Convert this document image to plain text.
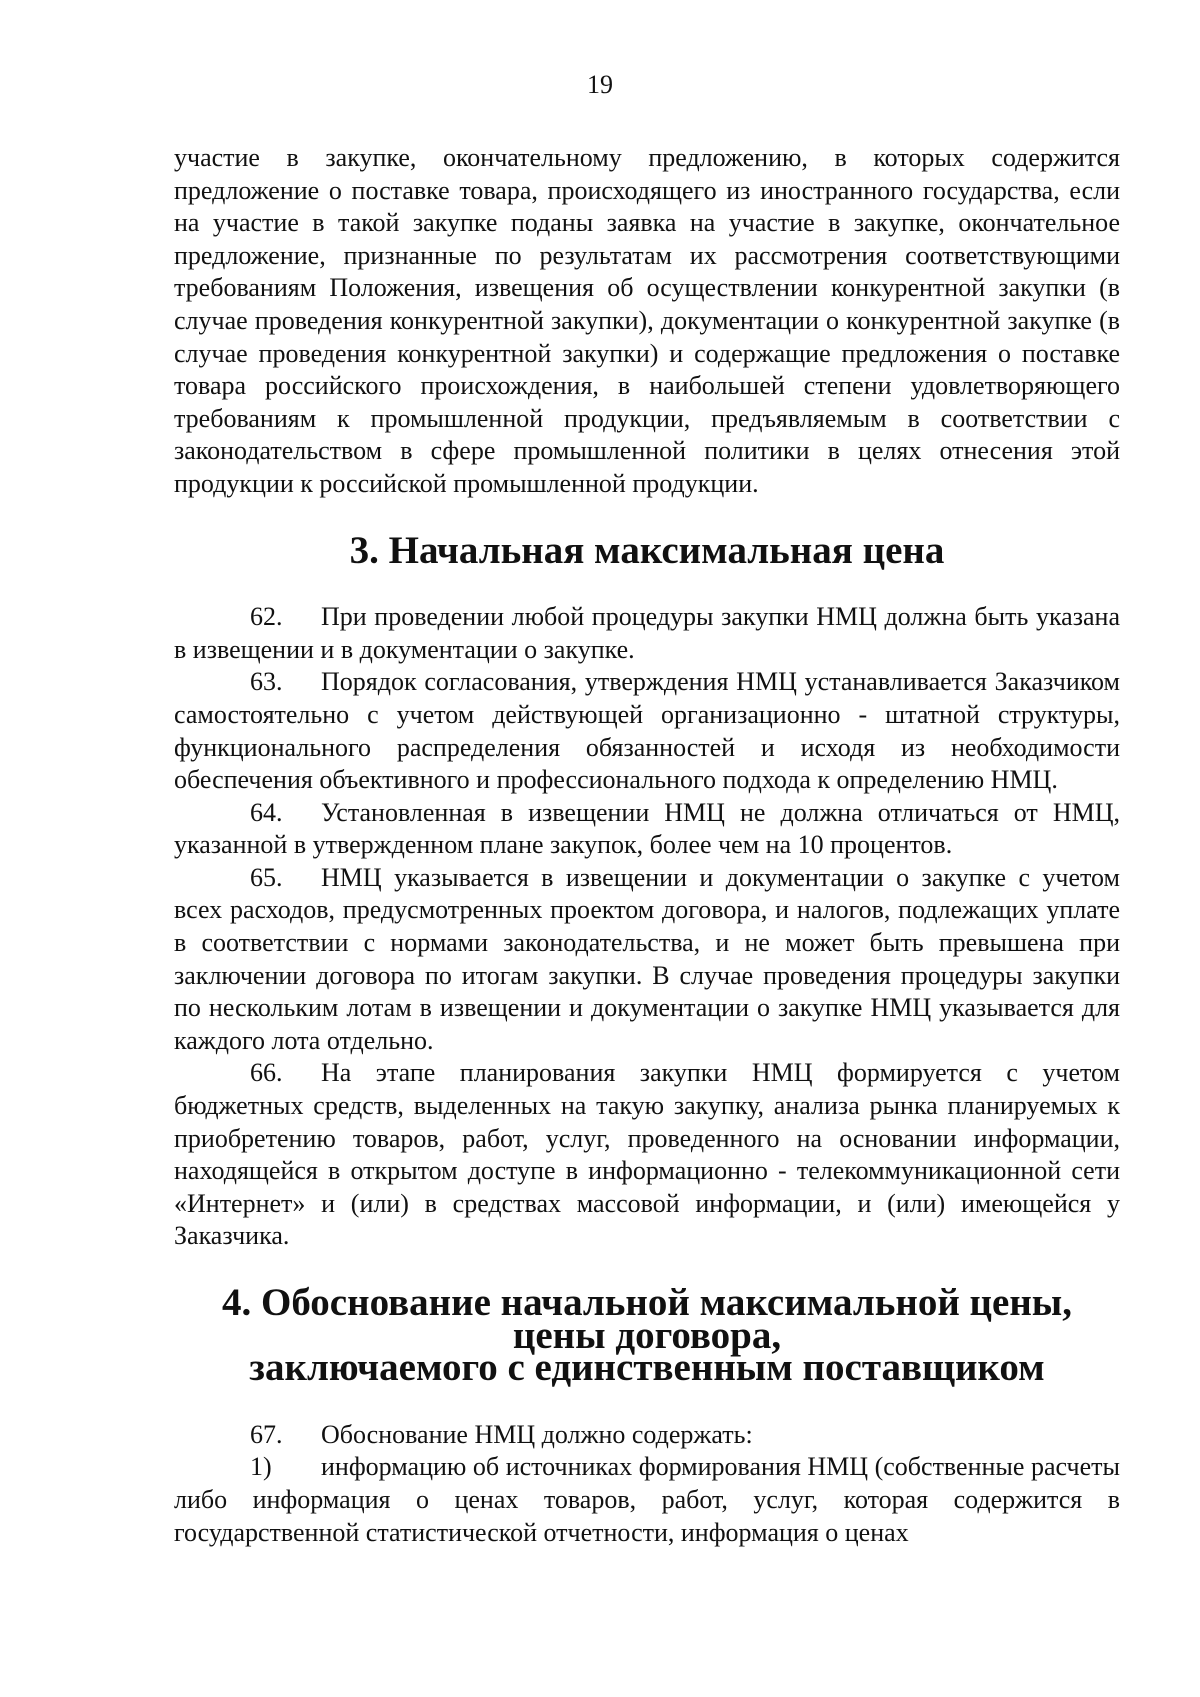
19

участие в закупке, окончательному предложению, в которых содержится предложение о поставке товара, происходящего из иностранного государства, если на участие в такой закупке поданы заявка на участие в закупке, окончательное предложение, признанные по результатам их рассмотрения соответствующими требованиям Положения, извещения об осуществлении конкурентной закупки (в случае проведения конкурентной закупки), документации о конкурентной закупке (в случае проведения конкурентной закупки) и содержащие предложения о поставке товара российского происхождения, в наибольшей степени удовлетворяющего требованиям к промышленной продукции, предъявляемым в соответствии с законодательством в сфере промышленной политики в целях отнесения этой продукции к российской промышленной продукции.

3. Начальная максимальная цена

62. При проведении любой процедуры закупки НМЦ должна быть указана в извещении и в документации о закупке.

63. Порядок согласования, утверждения НМЦ устанавливается Заказчиком самостоятельно с учетом действующей организационно - штатной структуры, функционального распределения обязанностей и исходя из необходимости обеспечения объективного и профессионального подхода к определению НМЦ.

64. Установленная в извещении НМЦ не должна отличаться от НМЦ, указанной в утвержденном плане закупок, более чем на 10 процентов.

65. НМЦ указывается в извещении и документации о закупке с учетом всех расходов, предусмотренных проектом договора, и налогов, подлежащих уплате в соответствии с нормами законодательства, и не может быть превышена при заключении договора по итогам закупки. В случае проведения процедуры закупки по нескольким лотам в извещении и документации о закупке НМЦ указывается для каждого лота отдельно.

66. На этапе планирования закупки НМЦ формируется с учетом бюджетных средств, выделенных на такую закупку, анализа рынка планируемых к приобретению товаров, работ, услуг, проведенного на основании информации, находящейся в открытом доступе в информационно - телекоммуникационной сети «Интернет» и (или) в средствах массовой информации, и (или) имеющейся у Заказчика.

4. Обоснование начальной максимальной цены, цены договора,
заключаемого с единственным поставщиком

67. Обоснование НМЦ должно содержать:

1) информацию об источниках формирования НМЦ (собственные расчеты либо информация о ценах товаров, работ, услуг, которая содержится в государственной статистической отчетности, информация о ценах
